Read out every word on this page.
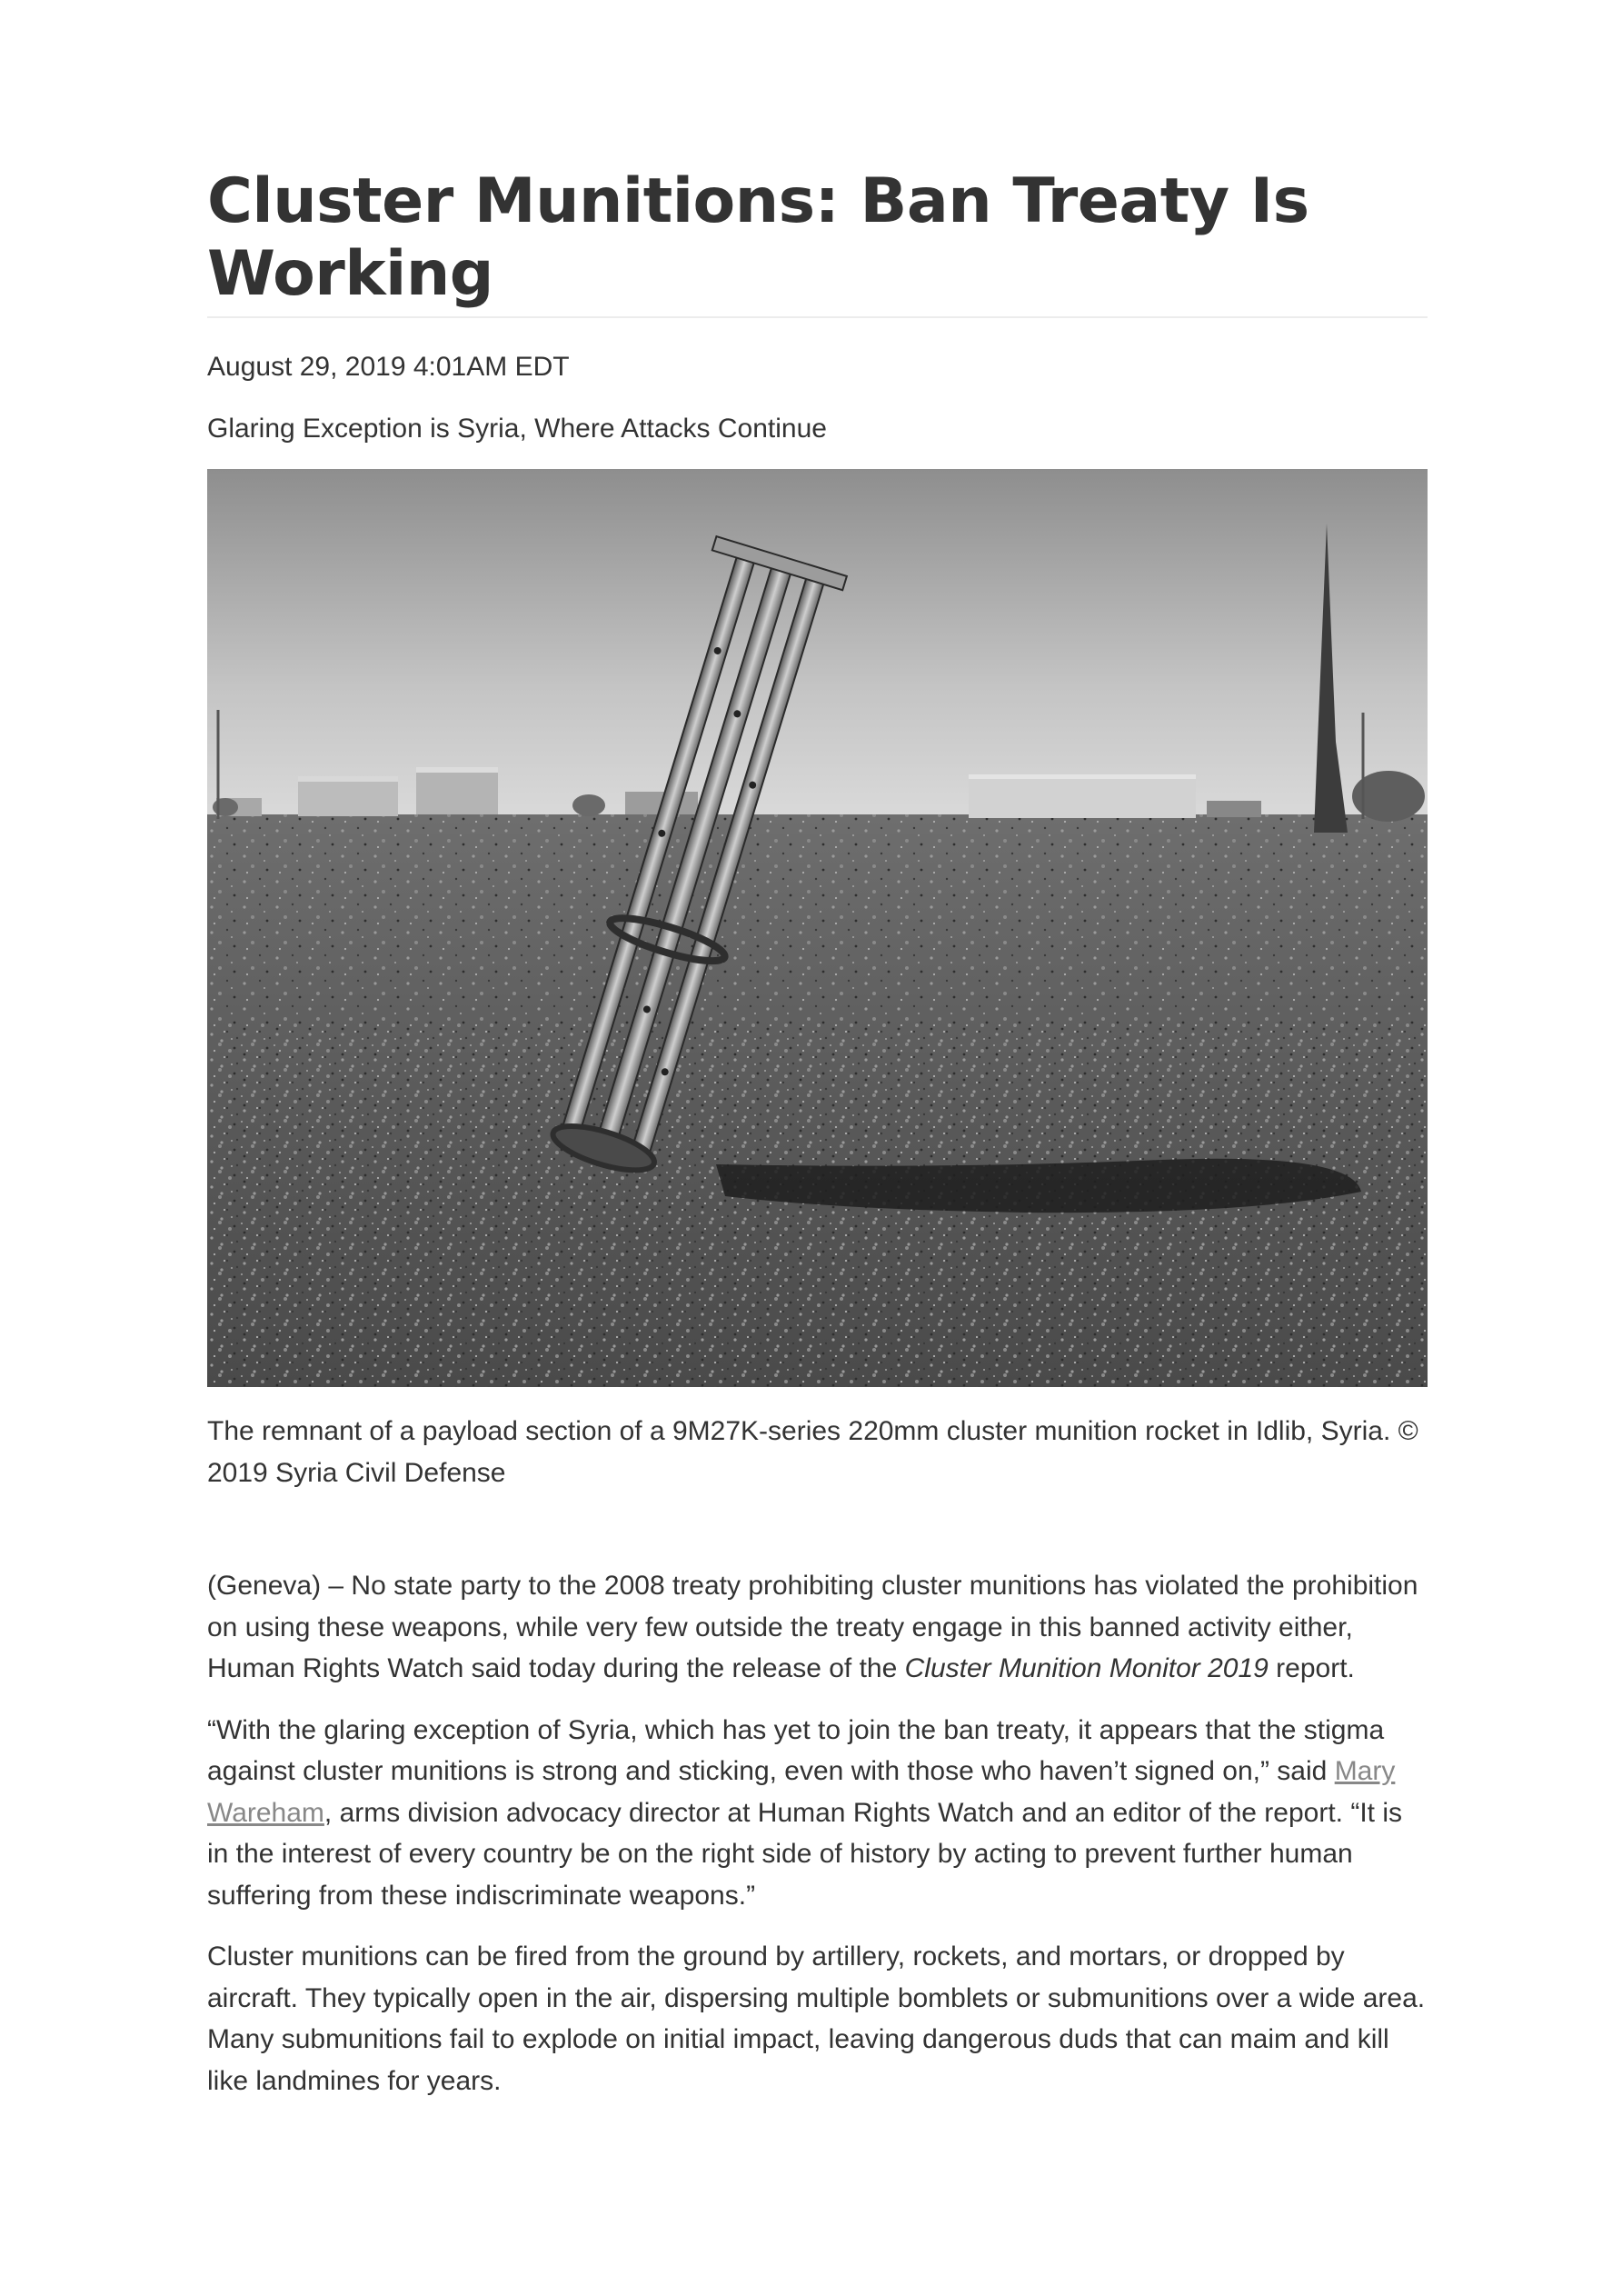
Cluster Munitions: Ban Treaty Is Working
August 29, 2019 4:01AM EDT
Glaring Exception is Syria, Where Attacks Continue
The remnant of a payload section of a 9M27K-series 220mm cluster munition rocket in Idlib, Syria. © 2019 Syria Civil Defense

(Geneva) – No state party to the 2008 treaty prohibiting cluster munitions has violated the prohibition on using these weapons, while very few outside the treaty engage in this banned activity either, Human Rights Watch said today during the release of the Cluster Munition Monitor 2019 report.

“With the glaring exception of Syria, which has yet to join the ban treaty, it appears that the stigma against cluster munitions is strong and sticking, even with those who haven’t signed on,” said Mary Wareham, arms division advocacy director at Human Rights Watch and an editor of the report. “It is in the interest of every country be on the right side of history by acting to prevent further human suffering from these indiscriminate weapons.”

Cluster munitions can be fired from the ground by artillery, rockets, and mortars, or dropped by aircraft. They typically open in the air, dispersing multiple bomblets or submunitions over a wide area. Many submunitions fail to explode on initial impact, leaving dangerous duds that can maim and kill like landmines for years.
